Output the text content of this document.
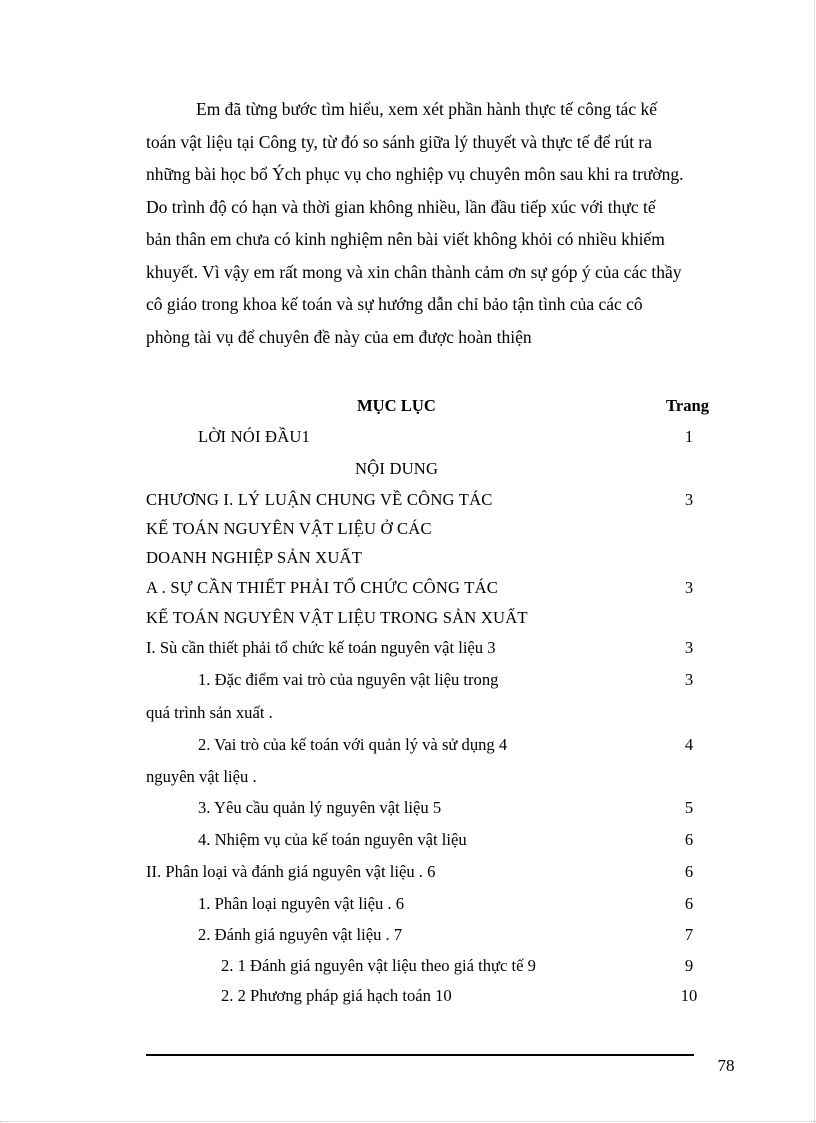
Em đã từng bước tìm hiểu, xem xét phần hành thực tế công tác kế
toán vật liệu tại Công ty, từ đó so sánh giữa lý thuyết và thực tế để rút ra
những bài học bổ Ých phục vụ cho nghiệp vụ chuyên môn sau khi ra trường.
Do trình độ có hạn và thời gian không nhiều, lần đầu tiếp xúc với thực tế
bản thân em chưa có kinh nghiệm nên bài viết không khỏi có nhiều khiếm
khuyết. Vì vậy em rất mong và xin chân thành cảm ơn sự góp ý của các thầy
cô giáo trong khoa kế toán và sự hướng dẫn chỉ bảo tận tình của các cô
phòng tài vụ để chuyên đề này của em được hoàn thiện

MỤC LỤC	Trang
LỜI NÓI ĐẦU1	1
NỘI DUNG
CHƯƠNG I. LÝ LUẬN CHUNG VỀ CÔNG TÁC	3
KẾ TOÁN NGUYÊN VẬT LIỆU Ở CÁC
DOANH NGHIỆP SẢN XUẤT
A . SỰ CẦN THIẾT PHẢI TỔ CHỨC CÔNG TÁC	3
KẾ TOÁN NGUYÊN VẬT LIỆU TRONG SẢN XUẤT
I. Sù cần thiết phải tổ chức kế toán nguyên vật liệu 3	3
1. Đặc điểm vai trò của nguyên vật liệu trong	3
quá trình sản xuất .
2. Vai trò của kế toán với quản lý và sử dụng 4	4
nguyên vật liệu .
3. Yêu cầu quản lý nguyên vật liệu 5	5
4. Nhiệm vụ của kế toán nguyên vật liệu	6
II. Phân loại và đánh giá nguyên vật liệu . 6	6
1. Phân loại nguyên vật liệu . 6	6
2. Đánh giá nguyên vật liệu . 7	7
2. 1 Đánh giá nguyên vật liệu theo giá thực tế 9	9
2. 2 Phương pháp giá hạch toán 10	10
78
